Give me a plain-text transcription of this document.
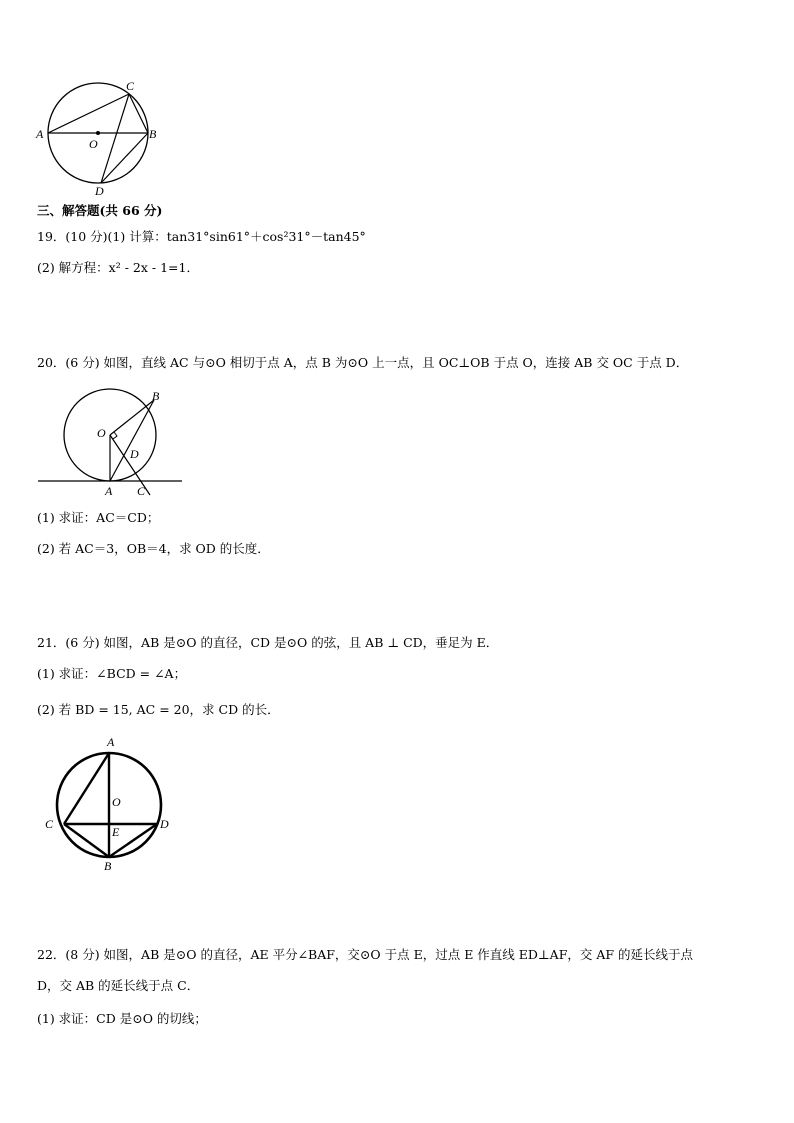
A	B
C
D
O
三、解答题(共 66 分)
19．(10 分)(1) 计算：tan31°sin61°＋cos²31°－tan45°
(2) 解方程：x² - 2x - 1=1．
20．(6 分) 如图，直线 AC 与⊙O 相切于点 A，点 B 为⊙O 上一点，且 OC⊥OB 于点 O，连接 AB 交 OC 于点 D．
O
B
D
A C
(1) 求证：AC＝CD；
(2) 若 AC＝3，OB＝4，求 OD 的长度．
21．(6 分) 如图，AB 是⊙O 的直径，CD 是⊙O 的弦，且 AB ⊥ CD，垂足为 E．
(1) 求证：∠BCD = ∠A；
(2) 若 BD = 15, AC = 20，求 CD 的长．
A
O
C
E
D
B
22．(8 分) 如图，AB 是⊙O 的直径，AE 平分∠BAF，交⊙O 于点 E，过点 E 作直线 ED⊥AF，交 AF 的延长线于点
D，交 AB 的延长线于点 C．
(1) 求证：CD 是⊙O 的切线；
